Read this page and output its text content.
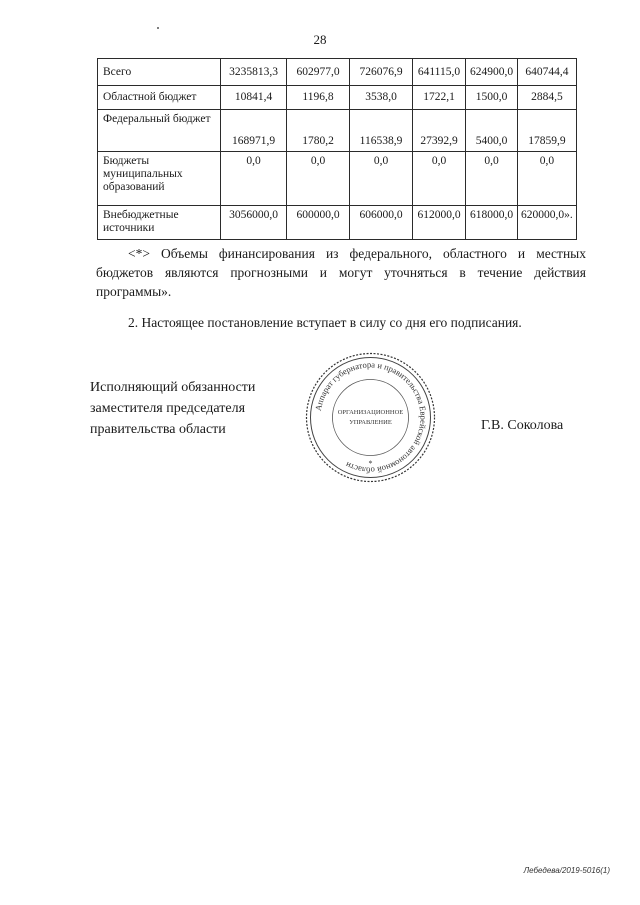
28
Всего	3235813,3	602977,0	726076,9	641115,0	624900,0	640744,4
Областной бюджет	10841,4	1196,8	3538,0	1722,1	1500,0	2884,5
Федеральный бюджет	168971,9	1780,2	116538,9	27392,9	5400,0	17859,9
Бюджеты муниципальных образований	0,0	0,0	0,0	0,0	0,0	0,0
Внебюджетные источники	3056000,0	600000,0	606000,0	612000,0	618000,0	620000,0».
<*> Объемы финансирования из федерального, областного и местных бюджетов являются прогнозными и могут уточняться в течение действия программы».
2. Настоящее постановление вступает в силу со дня его подписания.
Исполняющий обязанности
заместителя председателя
правительства области
Аппарат губернатора и правительства Еврейской автономной области
ОРГАНИЗАЦИОННОЕ
УПРАВЛЕНИЕ
*
Г.В. Соколова
Лебедева/2019-5016(1)
